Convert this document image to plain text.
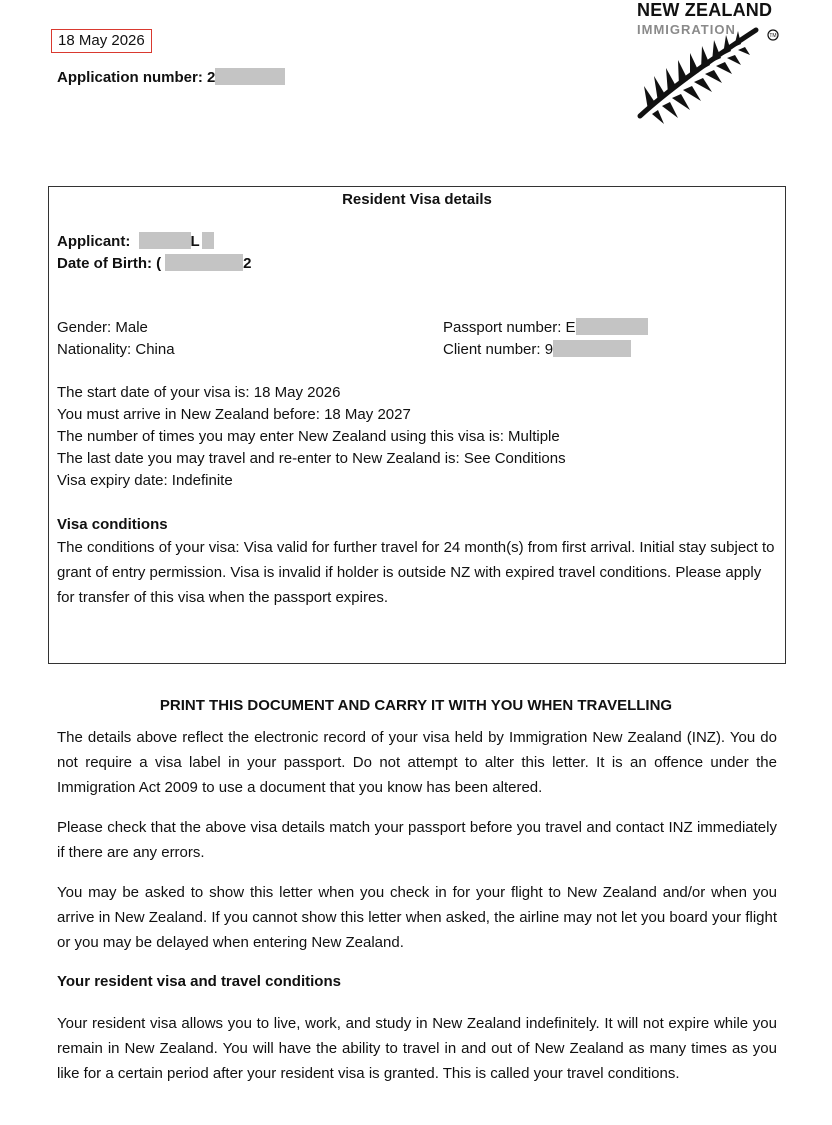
18 May 2026
Application number: 2
TM
NEW ZEALAND
IMMIGRATION
Resident Visa details
Applicant:	L
Date of Birth: (	2
Gender: Male
Nationality: China
Passport number: E
Client number: 9
The start date of your visa is: 18 May 2026
You must arrive in New Zealand before: 18 May 2027
The number of times you may enter New Zealand using this visa is: Multiple
The last date you may travel and re-enter to New Zealand is: See Conditions
Visa expiry date: Indefinite
Visa conditions
The conditions of your visa: Visa valid for further travel for 24 month(s) from first arrival. Initial stay subject to grant of entry permission. Visa is invalid if holder is outside NZ with expired travel conditions. Please apply for transfer of this visa when the passport expires.
PRINT THIS DOCUMENT AND CARRY IT WITH YOU WHEN TRAVELLING
The details above reflect the electronic record of your visa held by Immigration New Zealand (INZ). You do not require a visa label in your passport. Do not attempt to alter this letter. It is an offence under the Immigration Act 2009 to use a document that you know has been altered.
Please check that the above visa details match your passport before you travel and contact INZ immediately if there are any errors.
You may be asked to show this letter when you check in for your flight to New Zealand and/or when you arrive in New Zealand. If you cannot show this letter when asked, the airline may not let you board your flight or you may be delayed when entering New Zealand.
Your resident visa and travel conditions
Your resident visa allows you to live, work, and study in New Zealand indefinitely. It will not expire while you remain in New Zealand. You will have the ability to travel in and out of New Zealand as many times as you like for a certain period after your resident visa is granted. This is called your travel conditions.
